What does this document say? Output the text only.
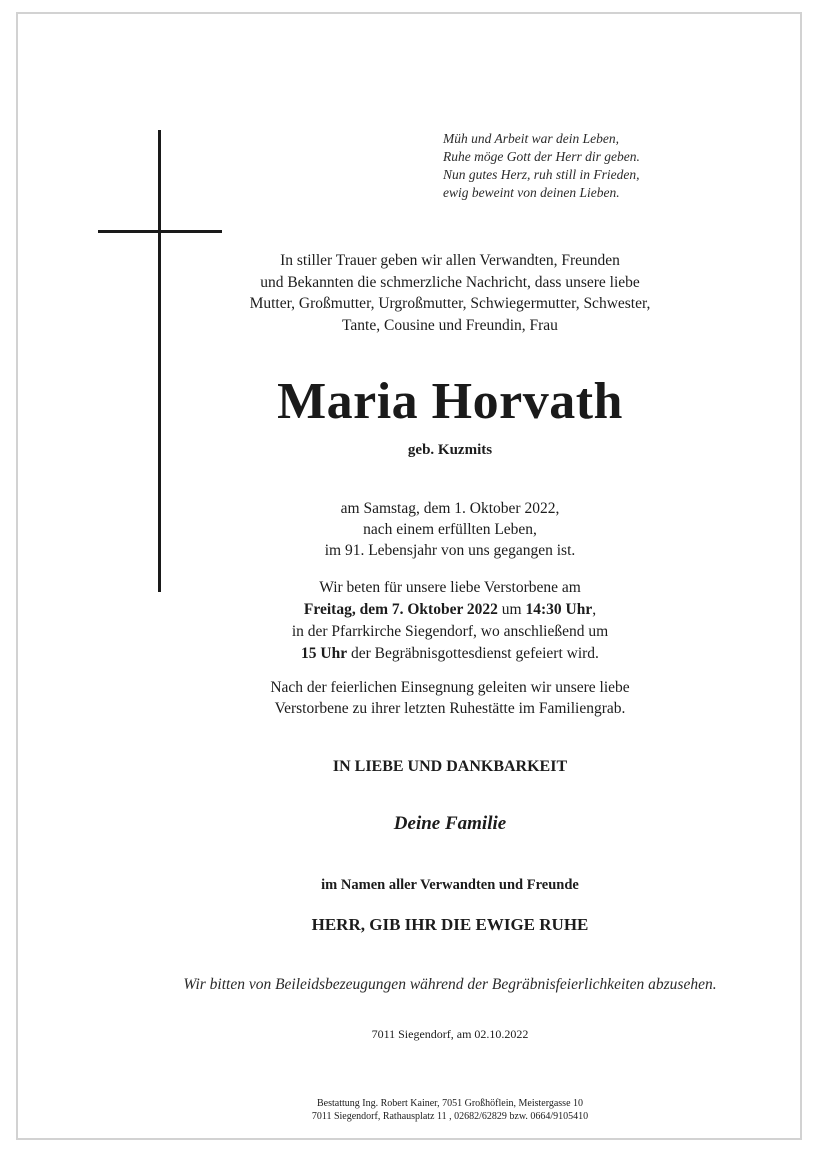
Müh und Arbeit war dein Leben,
Ruhe möge Gott der Herr dir geben.
Nun gutes Herz, ruh still in Frieden,
ewig beweint von deinen Lieben.
In stiller Trauer geben wir allen Verwandten, Freunden
und Bekannten die schmerzliche Nachricht, dass unsere liebe
Mutter, Großmutter, Urgroßmutter, Schwiegermutter, Schwester,
Tante, Cousine und Freundin, Frau
Maria Horvath
geb. Kuzmits
am Samstag, dem 1. Oktober 2022,
nach einem erfüllten Leben,
im 91. Lebensjahr von uns gegangen ist.
Wir beten für unsere liebe Verstorbene am
Freitag, dem 7. Oktober 2022 um 14:30 Uhr,
in der Pfarrkirche Siegendorf, wo anschließend um
15 Uhr der Begräbnisgottesdienst gefeiert wird.
Nach der feierlichen Einsegnung geleiten wir unsere liebe
Verstorbene zu ihrer letzten Ruhestätte im Familiengrab.
IN LIEBE UND DANKBARKEIT
Deine Familie
im Namen aller Verwandten und Freunde
HERR, GIB IHR DIE EWIGE RUHE
Wir bitten von Beileidsbezeugungen während der Begräbnisfeierlichkeiten abzusehen.
7011 Siegendorf, am 02.10.2022
Bestattung Ing. Robert Kainer, 7051 Großhöflein, Meistergasse 10
7011 Siegendorf, Rathausplatz 11 , 02682/62829 bzw. 0664/9105410
